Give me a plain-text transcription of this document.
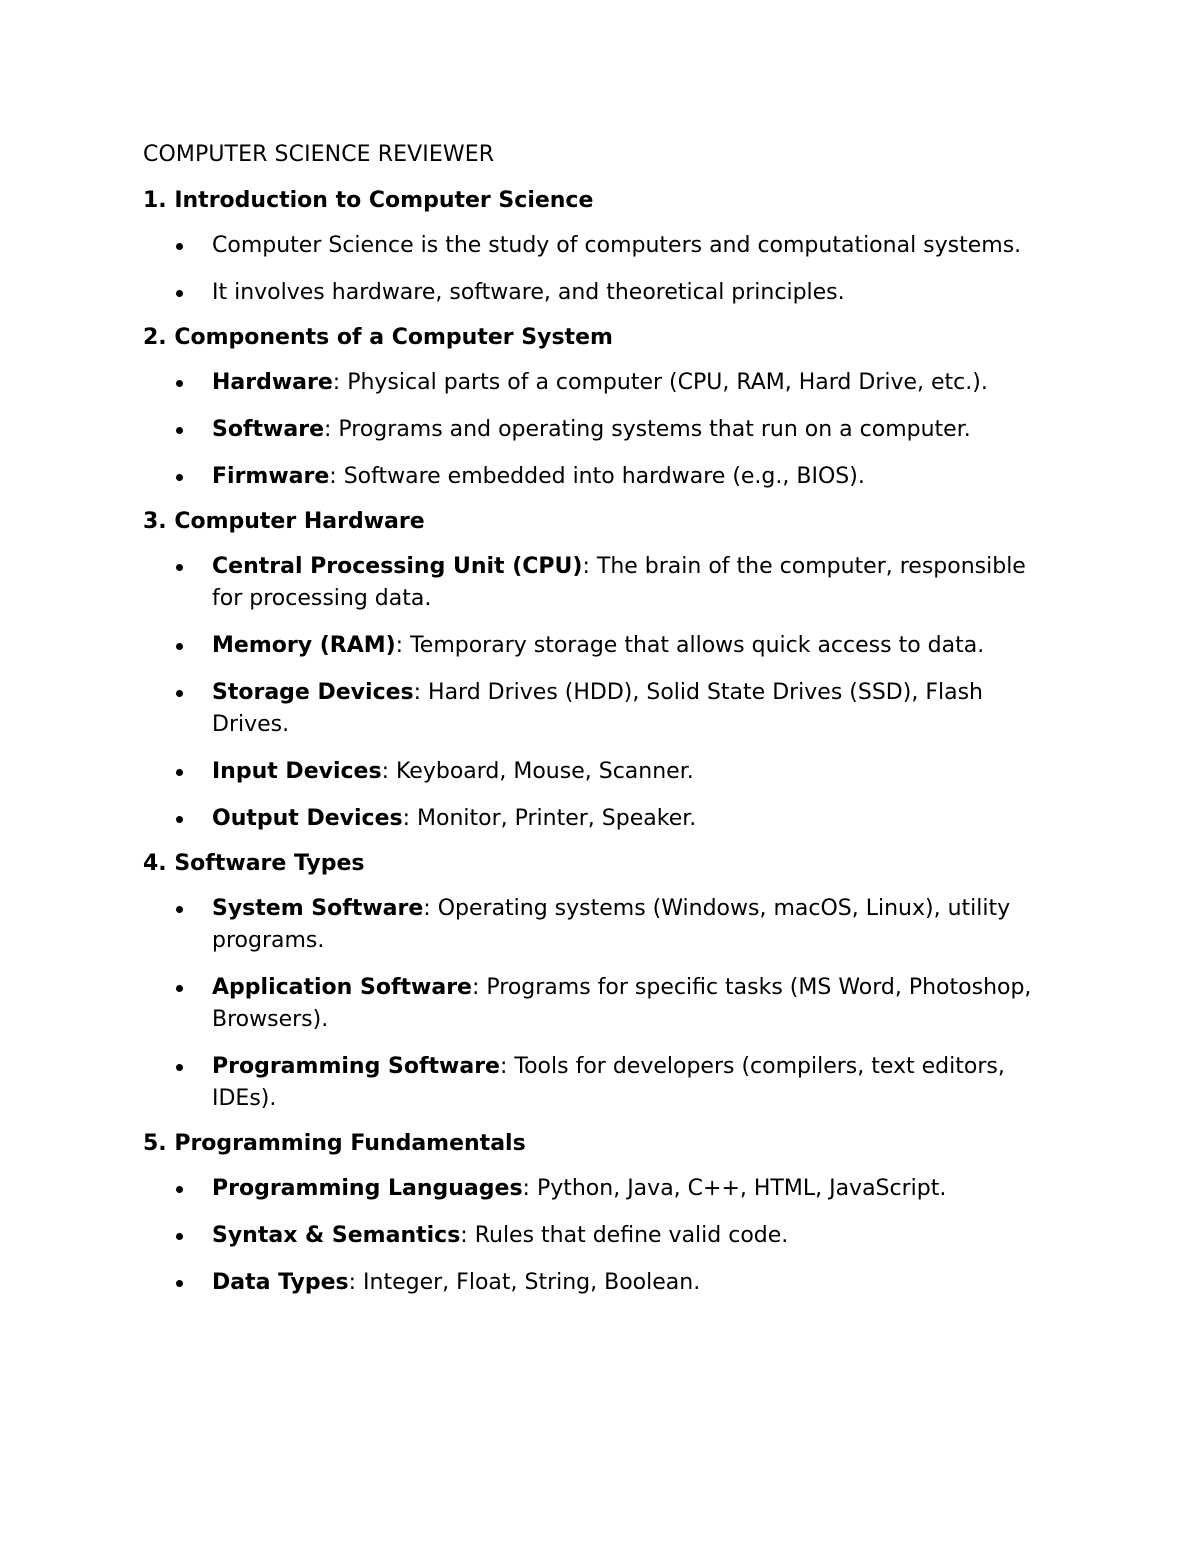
COMPUTER SCIENCE REVIEWER
1. Introduction to Computer Science
Computer Science is the study of computers and computational systems.
It involves hardware, software, and theoretical principles.
2. Components of a Computer System
Hardware: Physical parts of a computer (CPU, RAM, Hard Drive, etc.).
Software: Programs and operating systems that run on a computer.
Firmware: Software embedded into hardware (e.g., BIOS).
3. Computer Hardware
Central Processing Unit (CPU): The brain of the computer, responsible for processing data.
Memory (RAM): Temporary storage that allows quick access to data.
Storage Devices: Hard Drives (HDD), Solid State Drives (SSD), Flash Drives.
Input Devices: Keyboard, Mouse, Scanner.
Output Devices: Monitor, Printer, Speaker.
4. Software Types
System Software: Operating systems (Windows, macOS, Linux), utility programs.
Application Software: Programs for specific tasks (MS Word, Photoshop, Browsers).
Programming Software: Tools for developers (compilers, text editors, IDEs).
5. Programming Fundamentals
Programming Languages: Python, Java, C++, HTML, JavaScript.
Syntax & Semantics: Rules that define valid code.
Data Types: Integer, Float, String, Boolean.
